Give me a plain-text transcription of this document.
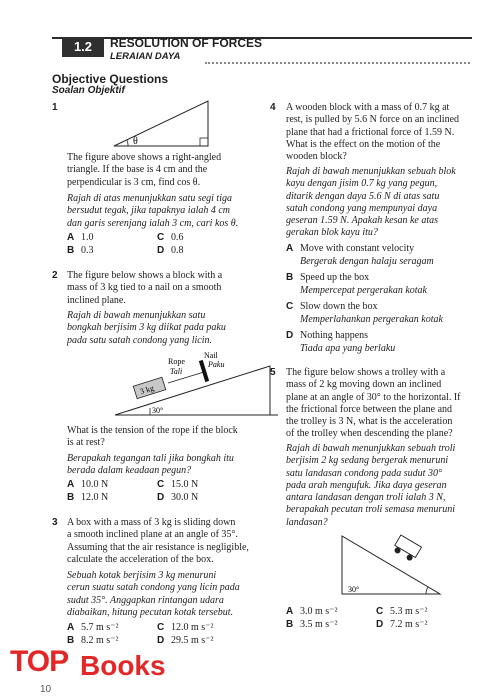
1.2	RESOLUTION OF FORCES
LERAIAN DAYA
Objective Questions
Soalan Objektif
1
θ
The figure above shows a right-angled
triangle. If the base is 4 cm and the
perpendicular is 3 cm, find cos θ.
Rajah di atas menunjukkan satu segi tiga
bersudut tegak, jika tapaknya ialah 4 cm
dan garis serenjang ialah 3 cm, cari kos θ.
A 1.0	C 0.6
B 0.3	D 0.8
2 The figure below shows a block with a
mass of 3 kg tied to a nail on a smooth
inclined plane.
Rajah di bawah menunjukkan satu
bongkah berjisim 3 kg diikat pada paku
pada satu satah condong yang licin.
30°
3 kg
Rope
Tali
Nail
Paku
What is the tension of the rope if the block
is at rest?
Berapakah tegangan tali jika bongkah itu
berada dalam keadaan pegun?
A 10.0 N	C 15.0 N
B 12.0 N	D 30.0 N
3 A box with a mass of 3 kg is sliding down
a smooth inclined plane at an angle of 35°.
Assuming that the air resistance is negligible,
calculate the acceleration of the box.
Sebuah kotak berjisim 3 kg menuruni
cerun suatu satah condong yang licin pada
sudut 35°. Anggapkan rintangan udara
diabaikan, hitung pecutan kotak tersebut.
A 5.7 m s⁻²	C 12.0 m s⁻²
B 8.2 m s⁻²	D 29.5 m s⁻²
4 A wooden block with a mass of 0.7 kg at
rest, is pulled by 5.6 N force on an inclined
plane that had a frictional force of 1.59 N.
What is the effect on the motion of the
wooden block?
Rajah di bawah menunjukkan sebuah blok
kayu dengan jisim 0.7 kg yang pegun,
ditarik dengan daya 5.6 N di atas satu
satah condong yang mempunyai daya
geseran 1.59 N. Apakah kesan ke atas
gerakan blok kayu itu?
A Move with constant velocity
Bergerak dengan halaju seragam
B Speed up the box
Mempercepat pergerakan kotak
C Slow down the box
Memperlahankan pergerakan kotak
D Nothing happens
Tiada apa yang berlaku
5 The figure below shows a trolley with a
mass of 2 kg moving down an inclined
plane at an angle of 30° to the horizontal. If
the frictional force between the plane and
the trolley is 3 N, what is the acceleration
of the trolley when descending the plane?
Rajah di bawah menunjukkan sebuah troli
berjisim 2 kg sedang bergerak menuruni
satu landasan condong pada sudut 30°
pada arah mengufuk. Jika daya geseran
antara landasan dengan troli ialah 3 N,
berapakah pecutan troli semasa menuruni
landasan?
30°
A 3.0 m s⁻²	C 5.3 m s⁻²
B 3.5 m s⁻²	D 7.2 m s⁻²
10
TOP Books
